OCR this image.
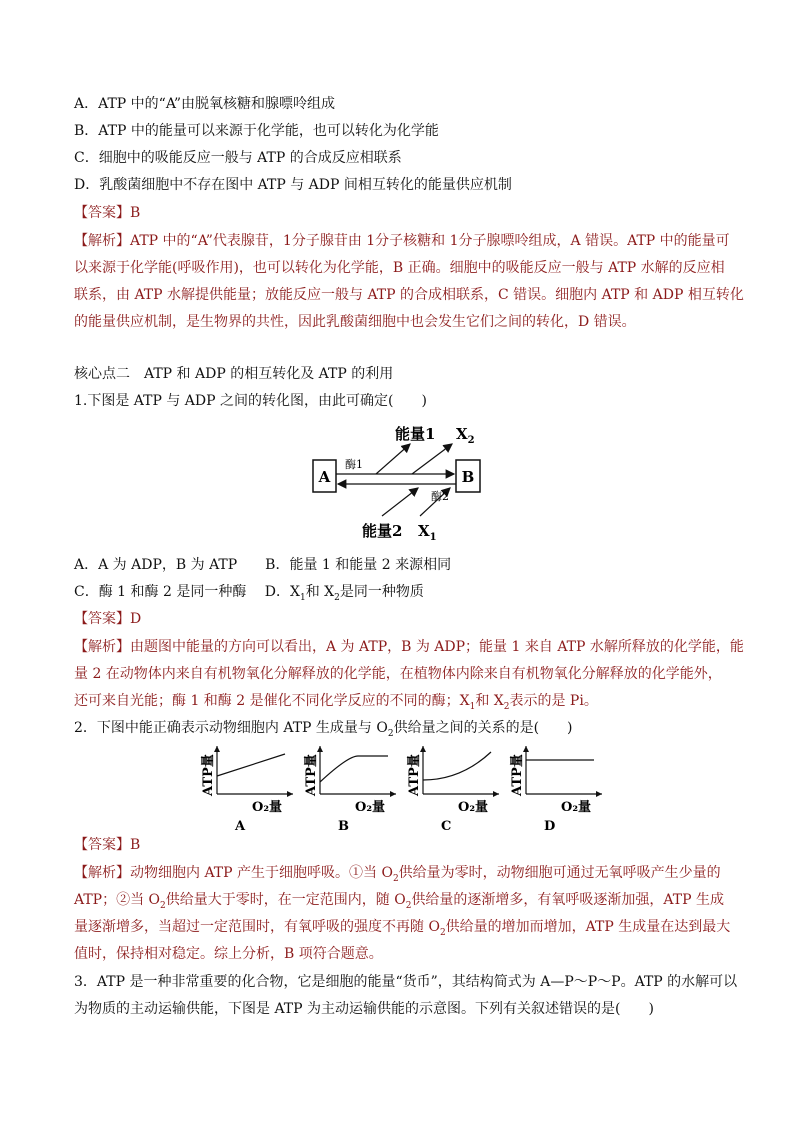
A．ATP 中的“A”由脱氧核糖和腺嘌呤组成
B．ATP 中的能量可以来源于化学能，也可以转化为化学能
C．细胞中的吸能反应一般与 ATP 的合成反应相联系
D．乳酸菌细胞中不存在图中 ATP 与 ADP 间相互转化的能量供应机制
【答案】B
【解析】ATP 中的“A”代表腺苷，1分子腺苷由 1分子核糖和 1分子腺嘌呤组成，A 错误。ATP 中的能量可
以来源于化学能(呼吸作用)，也可以转化为化学能，B 正确。细胞中的吸能反应一般与 ATP 水解的反应相
联系，由 ATP 水解提供能量；放能反应一般与 ATP 的合成相联系，C 错误。细胞内 ATP 和 ADP 相互转化
的能量供应机制，是生物界的共性，因此乳酸菌细胞中也会发生它们之间的转化，D 错误。
核心点二　ATP 和 ADP 的相互转化及 ATP 的利用
1.下图是 ATP 与 ADP 之间的转化图，由此可确定(　　)
A	B
能量1 $X_2$
酶1
酶2
能量2 $X_1$
A．A 为 ADP，B 为 ATP　　B．能量 1 和能量 2 来源相同
C．酶 1 和酶 2 是同一种酶　 D．$X_1$和 $X_2$是同一种物质
【答案】D
【解析】由题图中能量的方向可以看出，A 为 ATP，B 为 ADP；能量 1 来自 ATP 水解所释放的化学能，能
量 2 在动物体内来自有机物氧化分解释放的化学能，在植物体内除来自有机物氧化分解释放的化学能外，
还可来自光能；酶 1 和酶 2 是催化不同化学反应的不同的酶；$X_1$和 $X_2$表示的是 Pi。
2．下图中能正确表示动物细胞内 ATP 生成量与 $O_2$供给量之间的关系的是(　　)
ATP量
O₂量
A
ATP量
O₂量
B
ATP量
O₂量
C
ATP量
O₂量
D
【答案】B
【解析】动物细胞内 ATP 产生于细胞呼吸。①当 $O_2$供给量为零时，动物细胞可通过无氧呼吸产生少量的
ATP；②当 $O_2$供给量大于零时，在一定范围内，随 $O_2$供给量的逐渐增多，有氧呼吸逐渐加强，ATP 生成
量逐渐增多，当超过一定范围时，有氧呼吸的强度不再随 $O_2$供给量的增加而增加，ATP 生成量在达到最大
值时，保持相对稳定。综上分析，B 项符合题意。
3．ATP 是一种非常重要的化合物，它是细胞的能量“货币”，其结构简式为 A—P～P～P。ATP 的水解可以
为物质的主动运输供能，下图是 ATP 为主动运输供能的示意图。下列有关叙述错误的是(　　)
